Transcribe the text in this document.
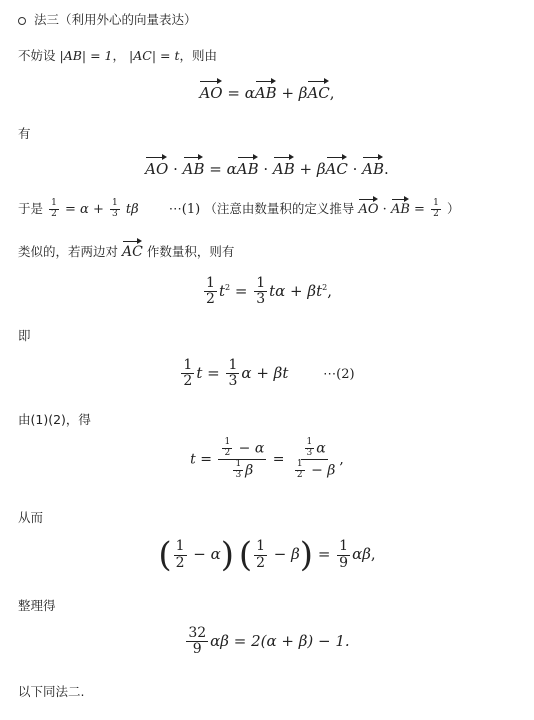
法三（利用外心的向量表达）
不妨设 |AB| = 1， |AC| = t，则由
AO = αAB + βAC,
有
AO · AB = αAB · AB + βAC · AB.
于是 $\frac{1}{2} = \alpha + \frac{1}{3}$ tβ ⋯(1) （注意由数量积的定义推导 AO · AB = $\frac{1}{2}$ ）
类似的，若两边对 AC 作数量积，则有
$\frac{1}{2} t^2 = \frac{1}{3}$ $t\alpha + \beta t^2$,
即
$\frac{1}{2}$ $t = \frac{1}{3}$ α + βt	⋯(2)
由(1)(2)，得
$t = \frac{\frac{1}{2} - \alpha}{\frac{1}{3} \beta} = \frac{\frac{1}{3} \alpha}{\frac{1}{2} - \beta}$ ,
从而
( $\frac{1}{2} - \alpha$) ( $\frac{1}{2} - \beta) = \frac{1}{9} \alpha\beta$,
整理得
$\frac{32}{9}$ αβ = 2(α + β) − 1.
以下同法二.
